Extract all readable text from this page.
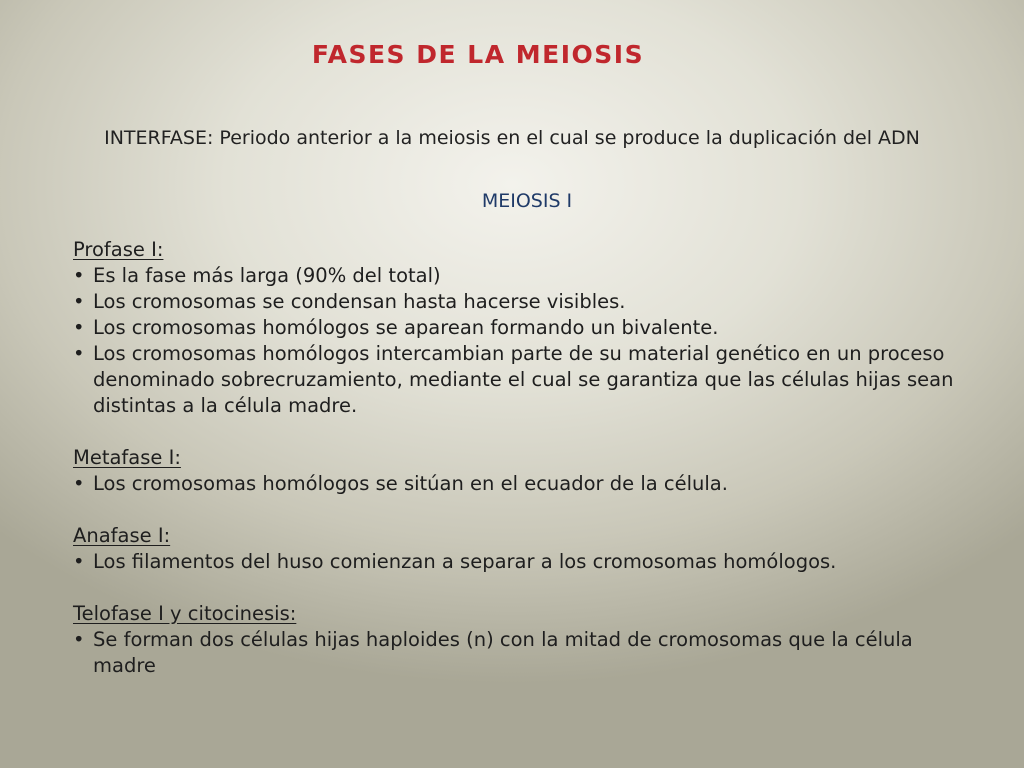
FASES DE LA MEIOSIS

INTERFASE: Periodo anterior a la meiosis en el cual se produce la duplicación del ADN

MEIOSIS I

Profase I:

• Es la fase más larga (90% del total)
• Los cromosomas se condensan hasta hacerse visibles.
• Los cromosomas homólogos se aparean formando un bivalente.
• Los cromosomas homólogos intercambian parte de su material genético en un proceso denominado sobrecruzamiento, mediante el cual se garantiza que las células hijas sean distintas a la célula madre.

Metafase I:

• Los cromosomas homólogos se sitúan en el ecuador de la célula.

Anafase I:

• Los filamentos del huso comienzan a separar a los cromosomas homólogos.

Telofase I y citocinesis:

• Se forman dos células hijas haploides (n) con la mitad de cromosomas que la célula madre
